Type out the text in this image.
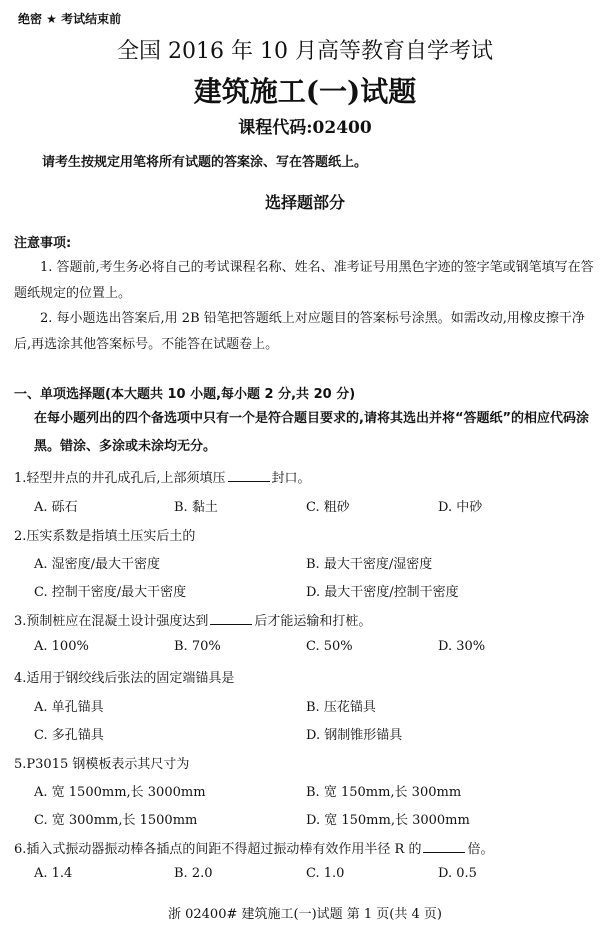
绝密 ★ 考试结束前
全国 2016 年 10 月高等教育自学考试
建筑施工(一)试题
课程代码:02400
请考生按规定用笔将所有试题的答案涂、写在答题纸上。
选择题部分
注意事项:
1. 答题前,考生务必将自己的考试课程名称、姓名、准考证号用黑色字迹的签字笔或钢笔填写在答题纸规定的位置上。
2. 每小题选出答案后,用 2B 铅笔把答题纸上对应题目的答案标号涂黑。如需改动,用橡皮擦干净后,再选涂其他答案标号。不能答在试题卷上。
一、单项选择题(本大题共 10 小题,每小题 2 分,共 20 分)
在每小题列出的四个备选项中只有一个是符合题目要求的,请将其选出并将“答题纸”的相应代码涂黑。错涂、多涂或未涂均无分。
1.轻型井点的井孔成孔后,上部须填压	封口。
A. 砾石	B. 黏土	C. 粗砂	D. 中砂
2.压实系数是指填土压实后土的
A. 湿密度/最大干密度	B. 最大干密度/湿密度
C. 控制干密度/最大干密度	D. 最大干密度/控制干密度
3.预制桩应在混凝土设计强度达到	后才能运输和打桩。
A. 100%	B. 70%	C. 50%	D. 30%
4.适用于钢绞线后张法的固定端锚具是
A. 单孔锚具	B. 压花锚具
C. 多孔锚具	D. 钢制锥形锚具
5.P3015 钢模板表示其尺寸为
A. 宽 1500mm,长 3000mm	B. 宽 150mm,长 300mm
C. 宽 300mm,长 1500mm	D. 宽 150mm,长 3000mm
6.插入式振动器振动棒各插点的间距不得超过振动棒有效作用半径 R 的	倍。
A. 1.4	B. 2.0	C. 1.0	D. 0.5
浙 02400# 建筑施工(一)试题 第 1 页(共 4 页)
